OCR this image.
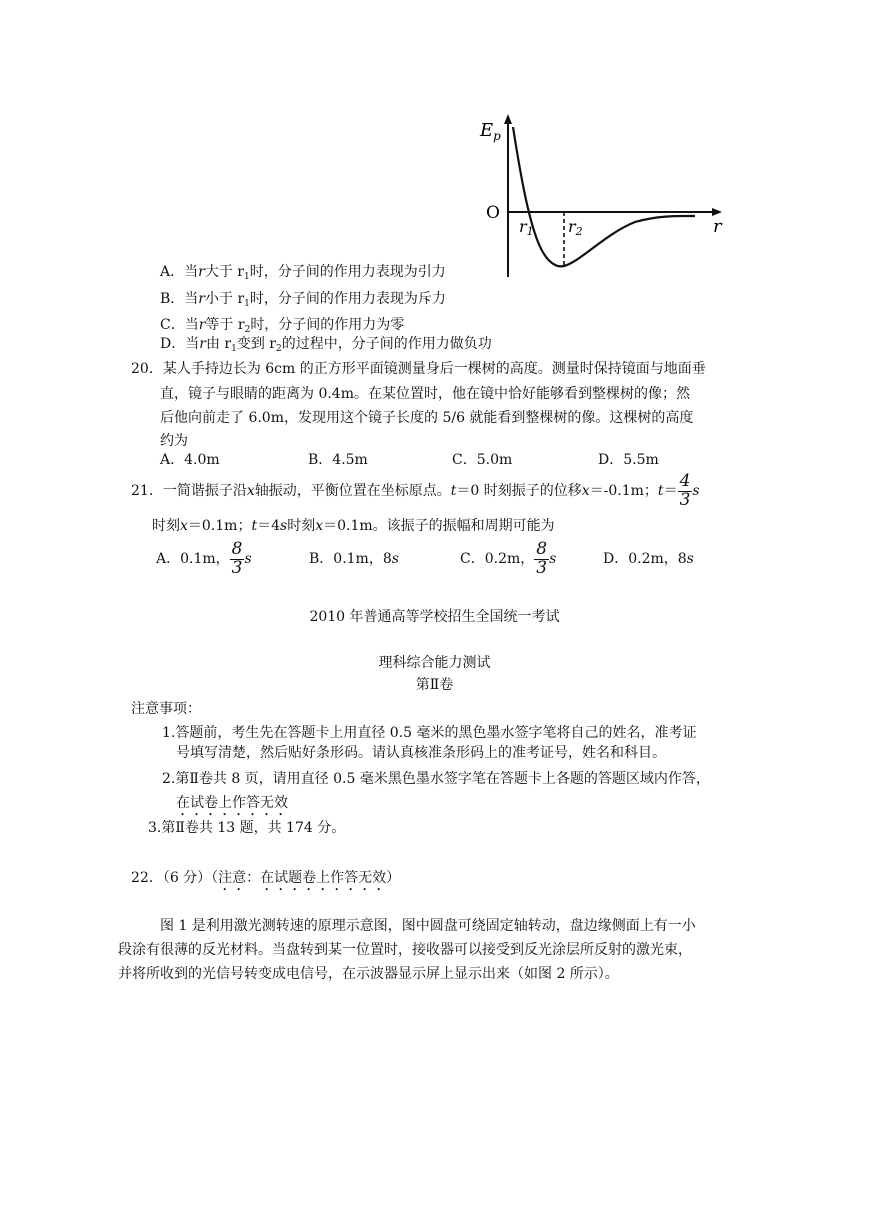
$E_p$
O
r1 r2	r
A．当r大于 $r_1$时，分子间的作用力表现为引力
B．当r小于 $r_1$时，分子间的作用力表现为斥力
C．当r等于 $r_2$时，分子间的作用力为零
D．当r由 $r_1$变到 $r_2$的过程中，分子间的作用力做负功
20．某人手持边长为 6cm 的正方形平面镜测量身后一棵树的高度。测量时保持镜面与地面垂
直，镜子与眼睛的距离为 0.4m。在某位置时，他在镜中恰好能够看到整棵树的像；然
后他向前走了 6.0m，发现用这个镜子长度的 5/6 就能看到整棵树的像。这棵树的高度
约为
A．4.0m	B．4.5m	C．5.0m	D．5.5m
21．一简谐振子沿x轴振动，平衡位置在坐标原点。t＝0 时刻振子的位移x＝-0.1m；$t= \frac{4}{3}$ s
时刻x＝0.1m；t＝4s时刻x＝0.1m。该振子的振幅和周期可能为
A．0.1m， $\frac{8}{3}$ s	B．0.1m，8s	C．0.2m， $\frac{8}{3}$ s	D．0.2m，8s
2010 年普通高等学校招生全国统一考试
理科综合能力测试
第Ⅱ卷
注意事项：
1.答题前，考生先在答题卡上用直径 0.5 毫米的黑色墨水签字笔将自己的姓名，准考证
号填写清楚，然后贴好条形码。请认真核准条形码上的准考证号，姓名和科目。
2.第Ⅱ卷共 8 页，请用直径 0.5 毫米黑色墨水签字笔在答题卡上各题的答题区域内作答，
在试卷上作答无效
3.第Ⅱ卷共 13 题，共 174 分。
22．（6 分）（注意：在试题卷上作答无效）
图 1 是利用激光测转速的原理示意图，图中圆盘可绕固定轴转动，盘边缘侧面上有一小
段涂有很薄的反光材料。当盘转到某一位置时，接收器可以接受到反光涂层所反射的激光束，
并将所收到的光信号转变成电信号，在示波器显示屏上显示出来（如图 2 所示）。
